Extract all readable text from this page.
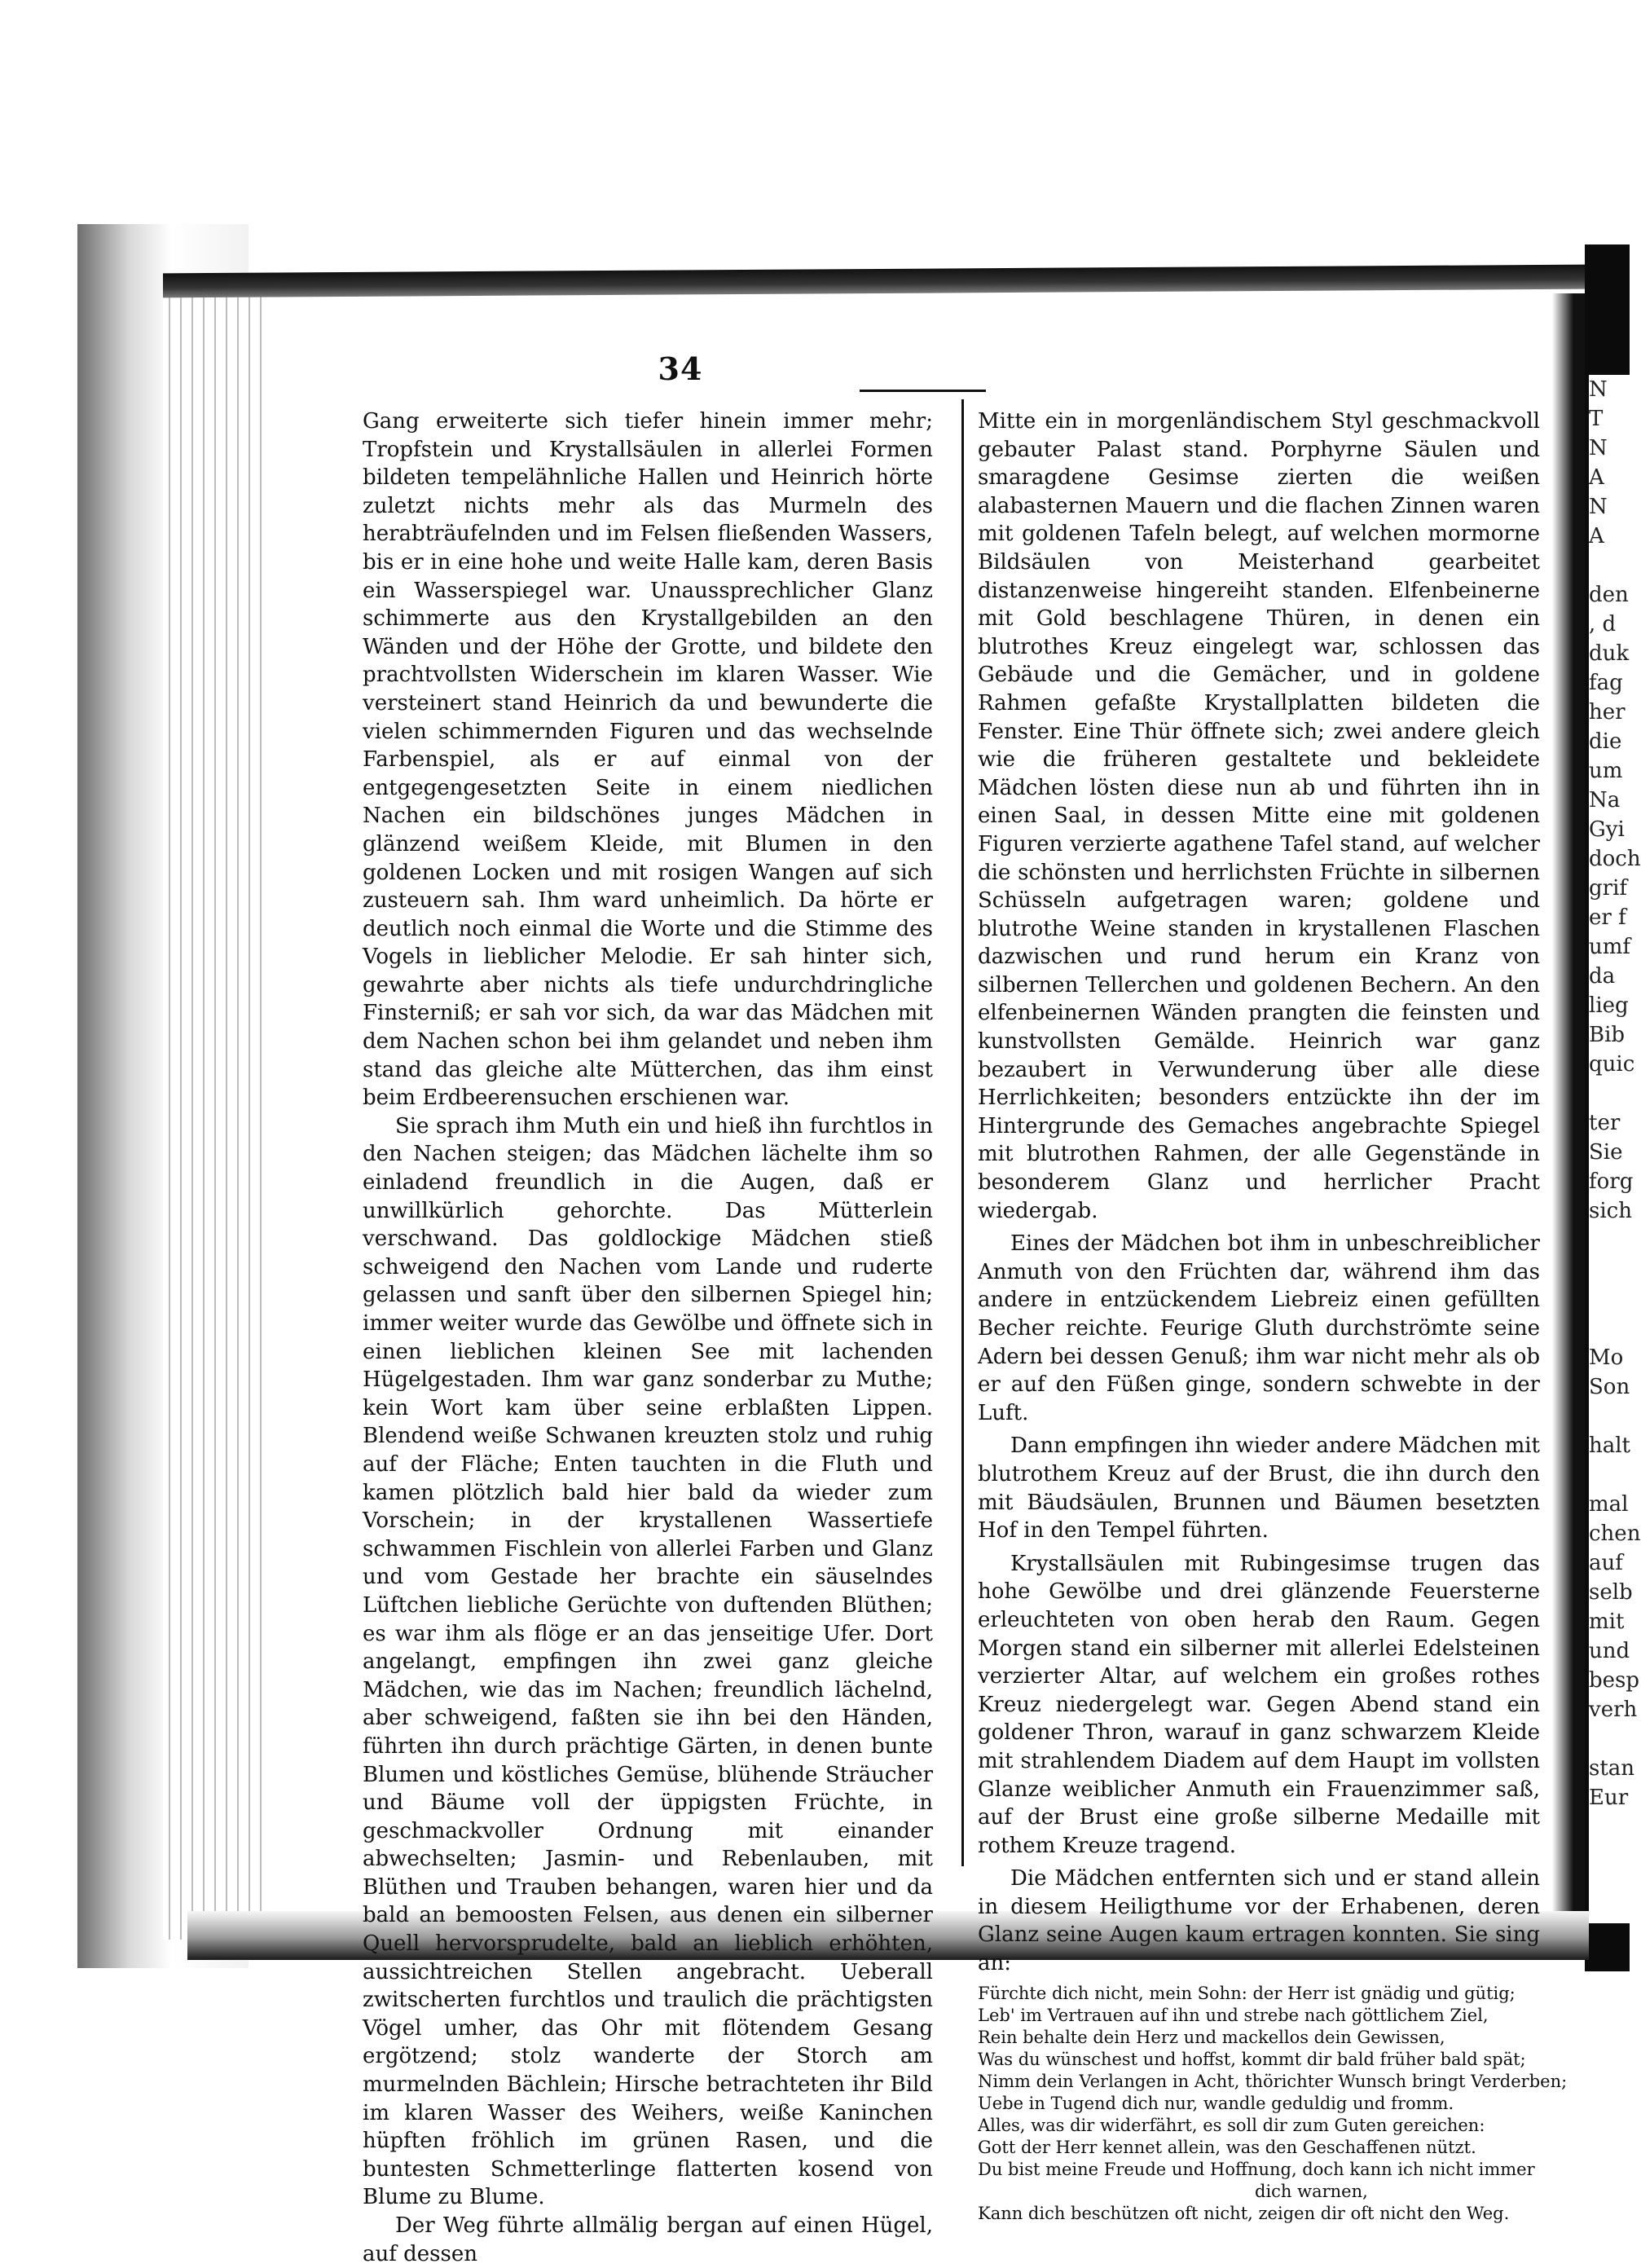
N
T
N
A
N
A
den
, d
duk
fag
her
die
um
Na
Gyi
doch
grif
er f
umf
da
lieg
Bib
quic
ter
Sie
forg
sich
Mo
Son
halt
mal
chen
auf
selb
mit
und
besp
verh
stan
Eur
34

Gang erweiterte sich tiefer hinein immer mehr; Tropfstein und Krystallsäulen in allerlei Formen bildeten tempelähnliche Hallen und Heinrich hörte zuletzt nichts mehr als das Murmeln des herabträufelnden und im Felsen fließenden Wassers, bis er in eine hohe und weite Halle kam, deren Basis ein Wasserspiegel war. Unaussprechlicher Glanz schimmerte aus den Krystallgebilden an den Wänden und der Höhe der Grotte, und bildete den prachtvollsten Widerschein im klaren Wasser. Wie versteinert stand Heinrich da und bewunderte die vielen schimmernden Figuren und das wechselnde Farbenspiel, als er auf einmal von der entgegengesetzten Seite in einem niedlichen Nachen ein bildschönes junges Mädchen in glänzend weißem Kleide, mit Blumen in den goldenen Locken und mit rosigen Wangen auf sich zusteuern sah. Ihm ward unheimlich. Da hörte er deutlich noch einmal die Worte und die Stimme des Vogels in lieblicher Melodie. Er sah hinter sich, gewahrte aber nichts als tiefe undurchdringliche Finsterniß; er sah vor sich, da war das Mädchen mit dem Nachen schon bei ihm gelandet und neben ihm stand das gleiche alte Mütterchen, das ihm einst beim Erdbeerensuchen erschienen war.

Sie sprach ihm Muth ein und hieß ihn furchtlos in den Nachen steigen; das Mädchen lächelte ihm so einladend freundlich in die Augen, daß er unwillkürlich gehorchte. Das Mütterlein verschwand. Das goldlockige Mädchen stieß schweigend den Nachen vom Lande und ruderte gelassen und sanft über den silbernen Spiegel hin; immer weiter wurde das Gewölbe und öffnete sich in einen lieblichen kleinen See mit lachenden Hügelgestaden. Ihm war ganz sonderbar zu Muthe; kein Wort kam über seine erblaßten Lippen. Blendend weiße Schwanen kreuzten stolz und ruhig auf der Fläche; Enten tauchten in die Fluth und kamen plötzlich bald hier bald da wieder zum Vorschein; in der krystallenen Wassertiefe schwammen Fischlein von allerlei Farben und Glanz und vom Gestade her brachte ein säuselndes Lüftchen liebliche Gerüchte von duftenden Blüthen; es war ihm als flöge er an das jenseitige Ufer. Dort angelangt, empfingen ihn zwei ganz gleiche Mädchen, wie das im Nachen; freundlich lächelnd, aber schweigend, faßten sie ihn bei den Händen, führten ihn durch prächtige Gärten, in denen bunte Blumen und köstliches Gemüse, blühende Sträucher und Bäume voll der üppigsten Früchte, in geschmackvoller Ordnung mit einander abwechselten; Jasmin- und Rebenlauben, mit Blüthen und Trauben behangen, waren hier und da bald an bemoosten Felsen, aus denen ein silberner Quell hervorsprudelte, bald an lieblich erhöhten, aussichtreichen Stellen angebracht. Ueberall zwitscherten furchtlos und traulich die prächtigsten Vögel umher, das Ohr mit flötendem Gesang ergötzend; stolz wanderte der Storch am murmelnden Bächlein; Hirsche betrachteten ihr Bild im klaren Wasser des Weihers, weiße Kaninchen hüpften fröhlich im grünen Rasen, und die buntesten Schmetterlinge flatterten kosend von Blume zu Blume.

Der Weg führte allmälig bergan auf einen Hügel, auf dessen

Mitte ein in morgenländischem Styl geschmackvoll gebauter Palast stand. Porphyrne Säulen und smaragdene Gesimse zierten die weißen alabasternen Mauern und die flachen Zinnen waren mit goldenen Tafeln belegt, auf welchen mormorne Bildsäulen von Meisterhand gearbeitet distanzenweise hingereiht standen. Elfenbeinerne mit Gold beschlagene Thüren, in denen ein blutrothes Kreuz eingelegt war, schlossen das Gebäude und die Gemächer, und in goldene Rahmen gefaßte Krystallplatten bildeten die Fenster. Eine Thür öffnete sich; zwei andere gleich wie die früheren gestaltete und bekleidete Mädchen lösten diese nun ab und führten ihn in einen Saal, in dessen Mitte eine mit goldenen Figuren verzierte agathene Tafel stand, auf welcher die schönsten und herrlichsten Früchte in silbernen Schüsseln aufgetragen waren; goldene und blutrothe Weine standen in krystallenen Flaschen dazwischen und rund herum ein Kranz von silbernen Tellerchen und goldenen Bechern. An den elfenbeinernen Wänden prangten die feinsten und kunstvollsten Gemälde. Heinrich war ganz bezaubert in Verwunderung über alle diese Herrlichkeiten; besonders entzückte ihn der im Hintergrunde des Gemaches angebrachte Spiegel mit blutrothen Rahmen, der alle Gegenstände in besonderem Glanz und herrlicher Pracht wiedergab.

Eines der Mädchen bot ihm in unbeschreiblicher Anmuth von den Früchten dar, während ihm das andere in entzückendem Liebreiz einen gefüllten Becher reichte. Feurige Gluth durchströmte seine Adern bei dessen Genuß; ihm war nicht mehr als ob er auf den Füßen ginge, sondern schwebte in der Luft.

Dann empfingen ihn wieder andere Mädchen mit blutrothem Kreuz auf der Brust, die ihn durch den mit Bäudsäulen, Brunnen und Bäumen besetzten Hof in den Tempel führten.

Krystallsäulen mit Rubingesimse trugen das hohe Gewölbe und drei glänzende Feuersterne erleuchteten von oben herab den Raum. Gegen Morgen stand ein silberner mit allerlei Edelsteinen verzierter Altar, auf welchem ein großes rothes Kreuz niedergelegt war. Gegen Abend stand ein goldener Thron, warauf in ganz schwarzem Kleide mit strahlendem Diadem auf dem Haupt im vollsten Glanze weiblicher Anmuth ein Frauenzimmer saß, auf der Brust eine große silberne Medaille mit rothem Kreuze tragend.

Die Mädchen entfernten sich und er stand allein in diesem Heiligthume vor der Erhabenen, deren Glanz seine Augen kaum ertragen konnten. Sie sing an:

Fürchte dich nicht, mein Sohn: der Herr ist gnädig und gütig;
Leb' im Vertrauen auf ihn und strebe nach göttlichem Ziel,
Rein behalte dein Herz und mackellos dein Gewissen,
Was du wünschest und hoffst, kommt dir bald früher bald spät;
Nimm dein Verlangen in Acht, thörichter Wunsch bringt Verderben;
Uebe in Tugend dich nur, wandle geduldig und fromm.
Alles, was dir widerfährt, es soll dir zum Guten gereichen:
Gott der Herr kennet allein, was den Geschaffenen nützt.
Du bist meine Freude und Hoffnung, doch kann ich nicht immer
dich warnen,
Kann dich beschützen oft nicht, zeigen dir oft nicht den Weg.
